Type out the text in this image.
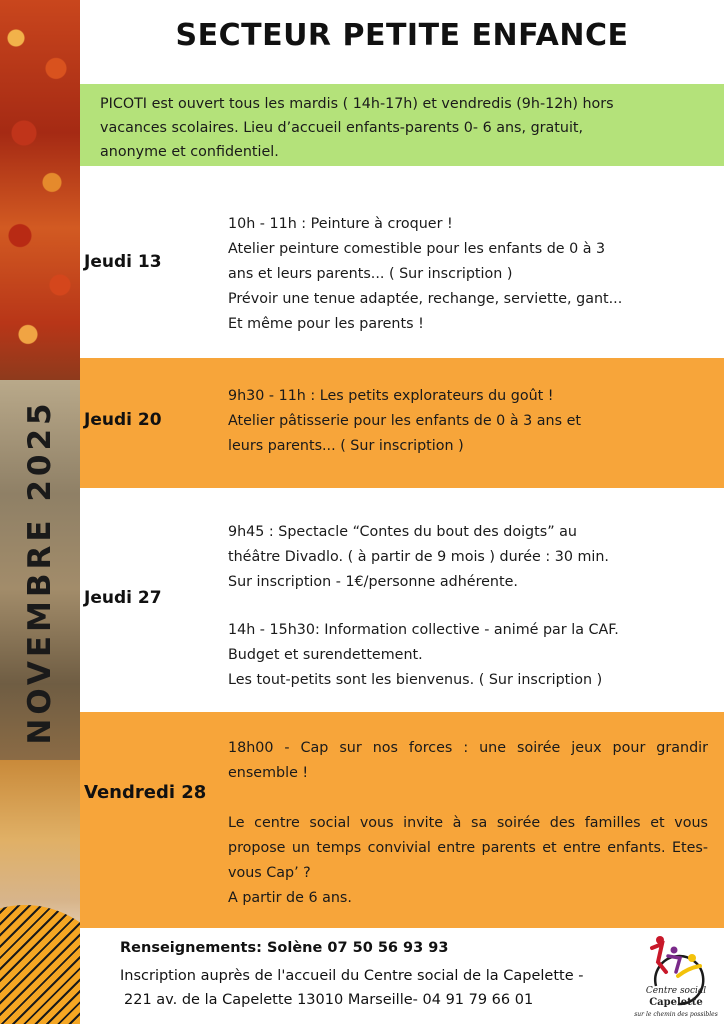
NOVEMBRE 2025
SECTEUR PETITE ENFANCE

PICOTI est ouvert tous les mardis ( 14h-17h) et vendredis (9h-12h) hors

vacances scolaires. Lieu d’accueil enfants-parents 0- 6 ans, gratuit,

anonyme et confidentiel.

Jeudi 13

10h - 11h : Peinture à croquer !

Atelier peinture comestible pour les enfants de 0 à 3

ans et leurs parents... ( Sur inscription )

Prévoir une tenue adaptée, rechange, serviette, gant...

Et même pour les parents !

Jeudi 20

9h30 - 11h : Les petits explorateurs du goût !

Atelier pâtisserie pour les enfants de 0 à 3 ans et

leurs parents... ( Sur inscription )

Jeudi 27

9h45 : Spectacle “Contes du bout des doigts” au

théâtre Divadlo. ( à partir de 9 mois ) durée : 30 min.

Sur inscription - 1€/personne adhérente.

14h - 15h30: Information collective - animé par la CAF.

Budget et surendettement.

Les tout-petits sont les bienvenus. ( Sur inscription )

Vendredi 28

18h00 - Cap sur nos forces : une soirée jeux pour grandir ensemble !

Le centre social vous invite à sa soirée des familles et vous propose un temps convivial entre parents et entre enfants. Etes-vous Cap’ ?

A partir de 6 ans.

Renseignements: Solène 07 50 56 93 93
Inscription auprès de l'accueil du Centre social de la Capelette -
221 av. de la Capelette 13010 Marseille- 04 91 79 66 01
Centre social
Capelette
sur le chemin des possibles
